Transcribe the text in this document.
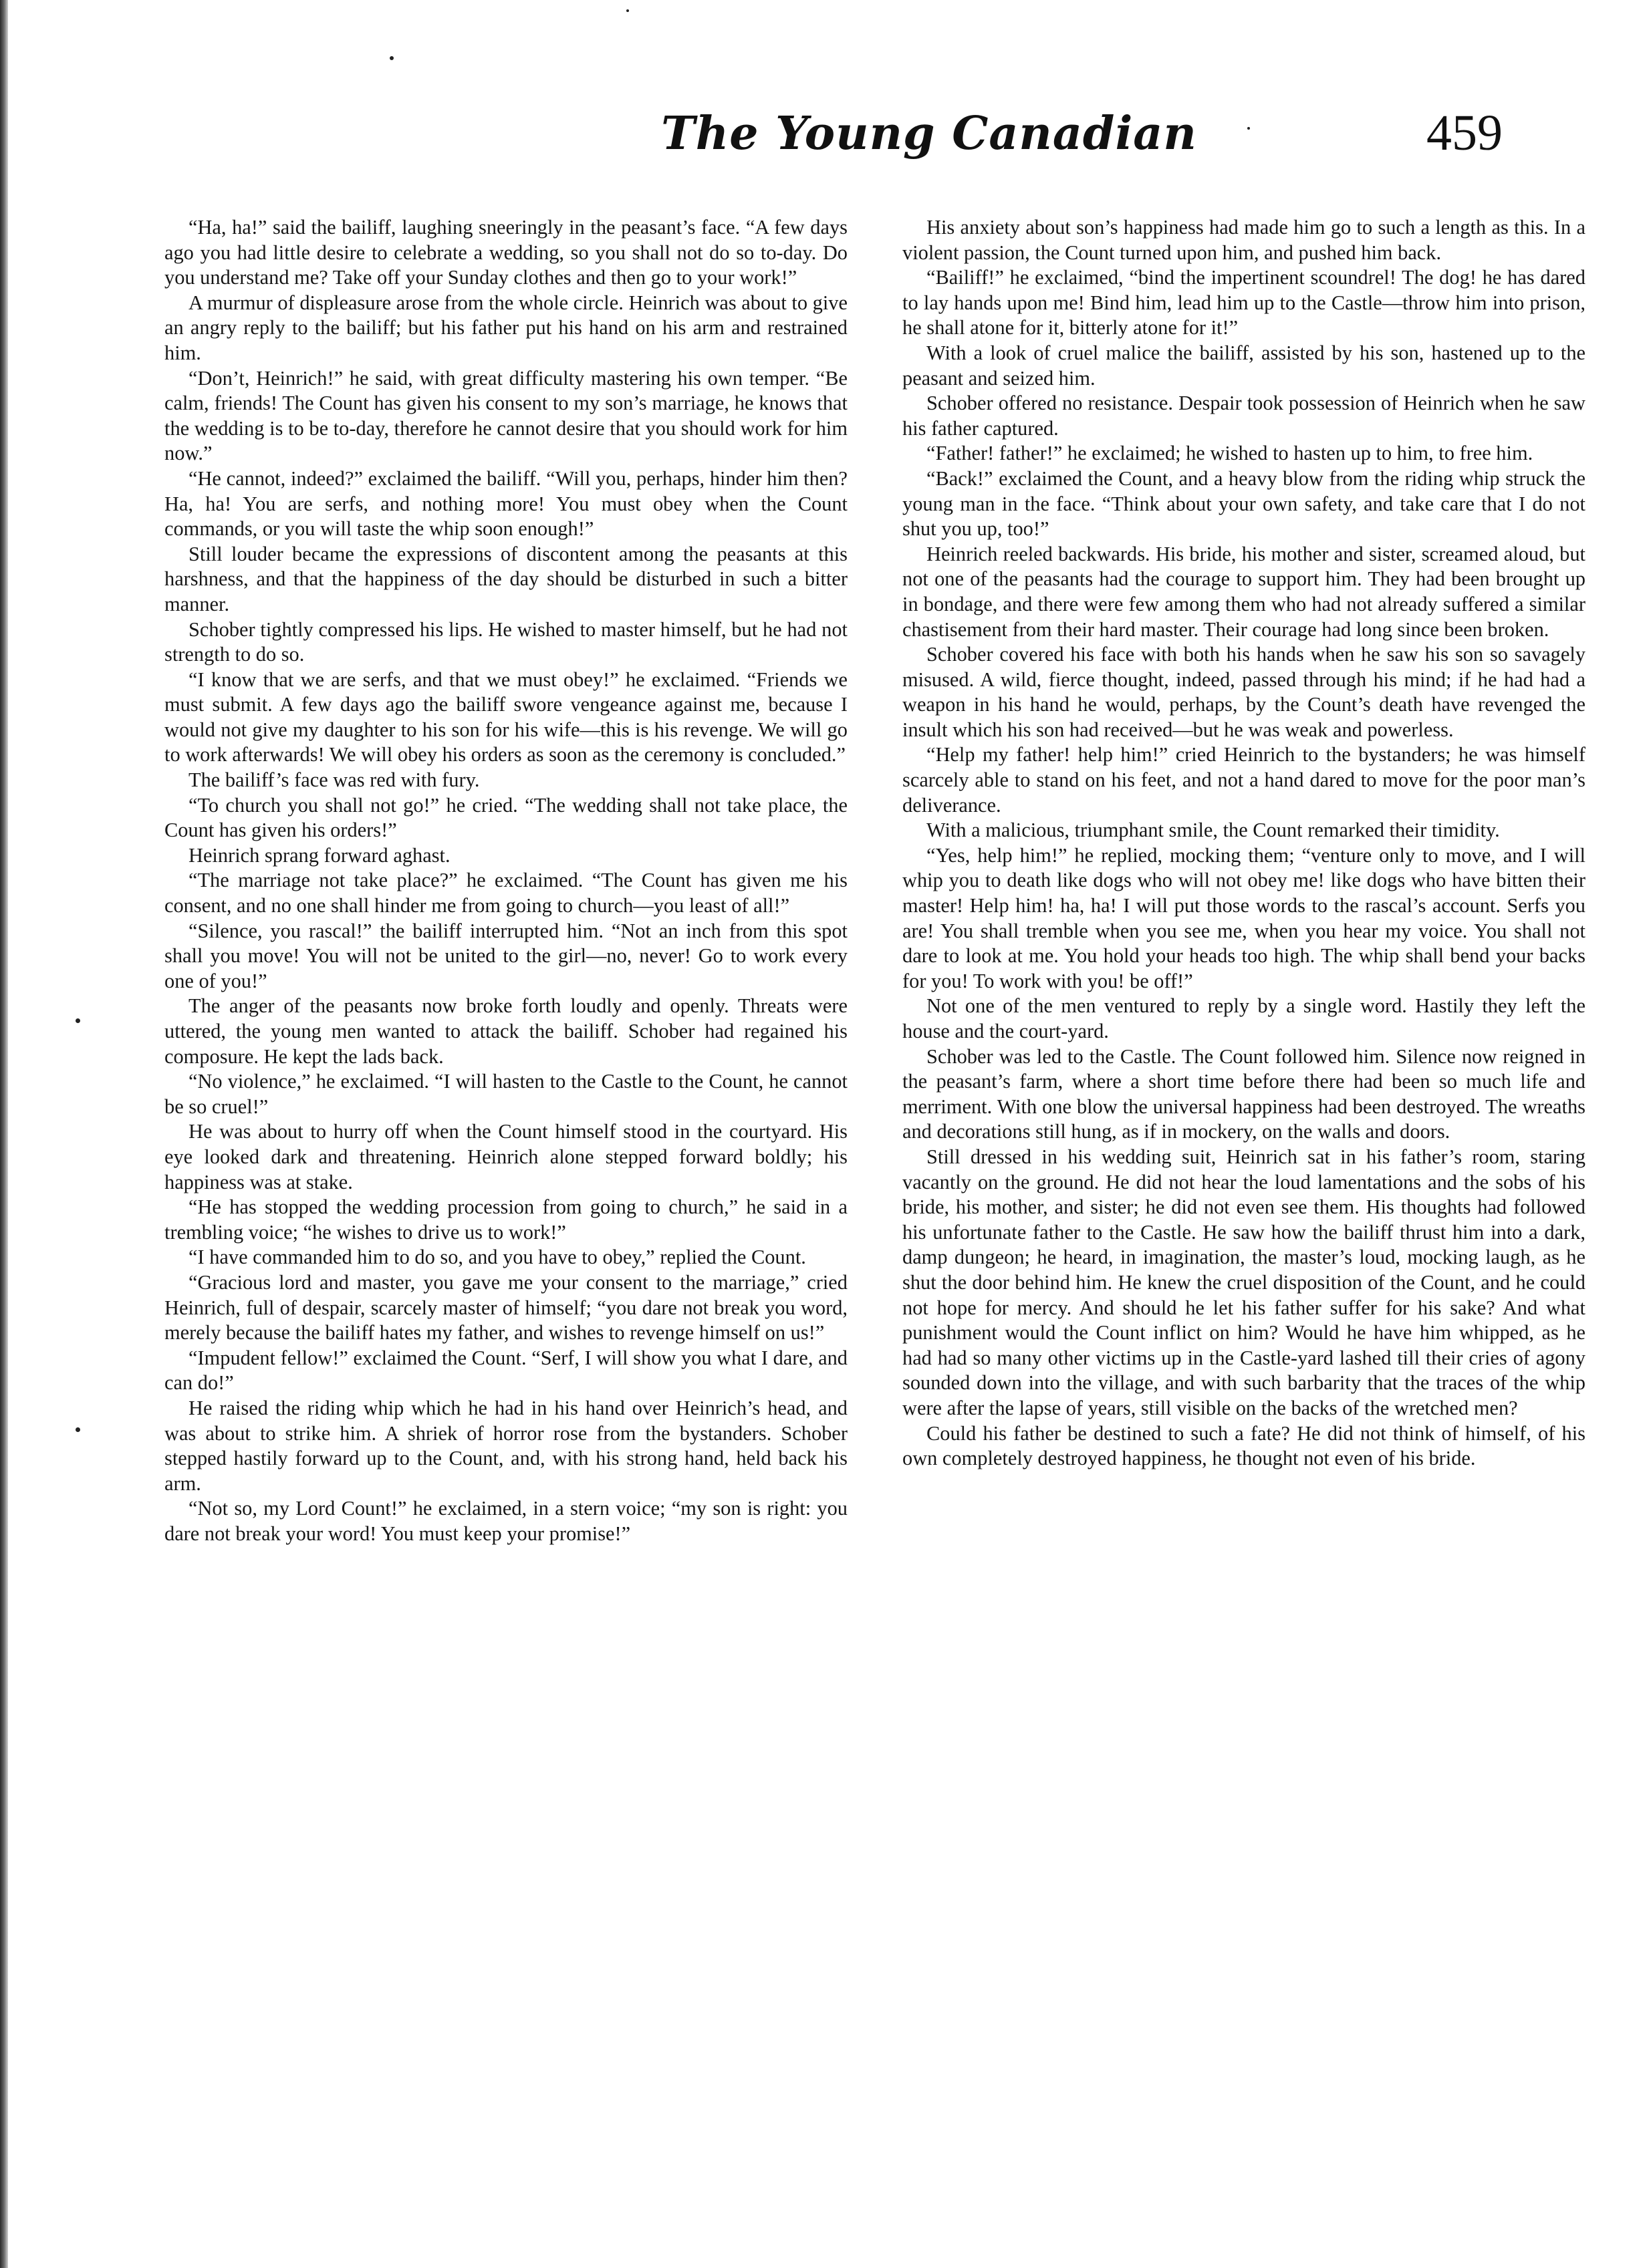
The Young Canadian	459

“Ha, ha!” said the bailiff, laughing sneeringly in the peasant’s face. “A few days ago you had little desire to celebrate a wedding, so you shall not do so to-day. Do you understand me? Take off your Sunday clothes and then go to your work!”

A murmur of displeasure arose from the whole circle. Heinrich was about to give an angry reply to the bailiff; but his father put his hand on his arm and restrained him.

“Don’t, Heinrich!” he said, with great difficulty mastering his own temper. “Be calm, friends! The Count has given his consent to my son’s marriage, he knows that the wedding is to be to-day, therefore he cannot desire that you should work for him now.”

“He cannot, indeed?” exclaimed the bailiff. “Will you, perhaps, hinder him then? Ha, ha! You are serfs, and nothing more! You must obey when the Count commands, or you will taste the whip soon enough!”

Still louder became the expressions of discontent among the peasants at this harshness, and that the happiness of the day should be disturbed in such a bitter manner.

Schober tightly compressed his lips. He wished to master himself, but he had not strength to do so.

“I know that we are serfs, and that we must obey!” he exclaimed. “Friends we must submit. A few days ago the bailiff swore vengeance against me, because I would not give my daughter to his son for his wife—this is his revenge. We will go to work afterwards! We will obey his orders as soon as the ceremony is concluded.”

The bailiff’s face was red with fury.

“To church you shall not go!” he cried. “The wedding shall not take place, the Count has given his orders!”

Heinrich sprang forward aghast.

“The marriage not take place?” he exclaimed. “The Count has given me his consent, and no one shall hinder me from going to church—you least of all!”

“Silence, you rascal!” the bailiff interrupted him. “Not an inch from this spot shall you move! You will not be united to the girl—no, never! Go to work every one of you!”

The anger of the peasants now broke forth loudly and openly. Threats were uttered, the young men wanted to attack the bailiff. Schober had regained his composure. He kept the lads back.

“No violence,” he exclaimed. “I will hasten to the Castle to the Count, he cannot be so cruel!”

He was about to hurry off when the Count himself stood in the courtyard. His eye looked dark and threatening. Heinrich alone stepped forward boldly; his happiness was at stake.

“He has stopped the wedding procession from going to church,” he said in a trembling voice; “he wishes to drive us to work!”

“I have commanded him to do so, and you have to obey,” replied the Count.

“Gracious lord and master, you gave me your consent to the marriage,” cried Heinrich, full of despair, scarcely master of himself; “you dare not break you word, merely because the bailiff hates my father, and wishes to revenge himself on us!”

“Impudent fellow!” exclaimed the Count. “Serf, I will show you what I dare, and can do!”

He raised the riding whip which he had in his hand over Heinrich’s head, and was about to strike him. A shriek of horror rose from the bystanders. Schober stepped hastily forward up to the Count, and, with his strong hand, held back his arm.

“Not so, my Lord Count!” he exclaimed, in a stern voice; “my son is right: you dare not break your word! You must keep your promise!”

His anxiety about son’s happiness had made him go to such a length as this. In a violent passion, the Count turned upon him, and pushed him back.

“Bailiff!” he exclaimed, “bind the impertinent scoundrel! The dog! he has dared to lay hands upon me! Bind him, lead him up to the Castle—throw him into prison, he shall atone for it, bitterly atone for it!”

With a look of cruel malice the bailiff, assisted by his son, hastened up to the peasant and seized him.

Schober offered no resistance. Despair took possession of Heinrich when he saw his father captured.

“Father! father!” he exclaimed; he wished to hasten up to him, to free him.

“Back!” exclaimed the Count, and a heavy blow from the riding whip struck the young man in the face. “Think about your own safety, and take care that I do not shut you up, too!”

Heinrich reeled backwards. His bride, his mother and sister, screamed aloud, but not one of the peasants had the courage to support him. They had been brought up in bondage, and there were few among them who had not already suffered a similar chastisement from their hard master. Their courage had long since been broken.

Schober covered his face with both his hands when he saw his son so savagely misused. A wild, fierce thought, indeed, passed through his mind; if he had had a weapon in his hand he would, perhaps, by the Count’s death have revenged the insult which his son had received—but he was weak and powerless.

“Help my father! help him!” cried Heinrich to the bystanders; he was himself scarcely able to stand on his feet, and not a hand dared to move for the poor man’s deliverance.

With a malicious, triumphant smile, the Count remarked their timidity.

“Yes, help him!” he replied, mocking them; “venture only to move, and I will whip you to death like dogs who will not obey me! like dogs who have bitten their master! Help him! ha, ha! I will put those words to the rascal’s account. Serfs you are! You shall tremble when you see me, when you hear my voice. You shall not dare to look at me. You hold your heads too high. The whip shall bend your backs for you! To work with you! be off!”

Not one of the men ventured to reply by a single word. Hastily they left the house and the court-yard.

Schober was led to the Castle. The Count followed him. Silence now reigned in the peasant’s farm, where a short time before there had been so much life and merriment. With one blow the universal happiness had been destroyed. The wreaths and decorations still hung, as if in mockery, on the walls and doors.

Still dressed in his wedding suit, Heinrich sat in his father’s room, staring vacantly on the ground. He did not hear the loud lamentations and the sobs of his bride, his mother, and sister; he did not even see them. His thoughts had followed his unfortunate father to the Castle. He saw how the bailiff thrust him into a dark, damp dungeon; he heard, in imagination, the master’s loud, mocking laugh, as he shut the door behind him. He knew the cruel disposition of the Count, and he could not hope for mercy. And should he let his father suffer for his sake? And what punishment would the Count inflict on him? Would he have him whipped, as he had had so many other victims up in the Castle-yard lashed till their cries of agony sounded down into the village, and with such barbarity that the traces of the whip were after the lapse of years, still visible on the backs of the wretched men?

Could his father be destined to such a fate? He did not think of himself, of his own completely destroyed happiness, he thought not even of his bride.
